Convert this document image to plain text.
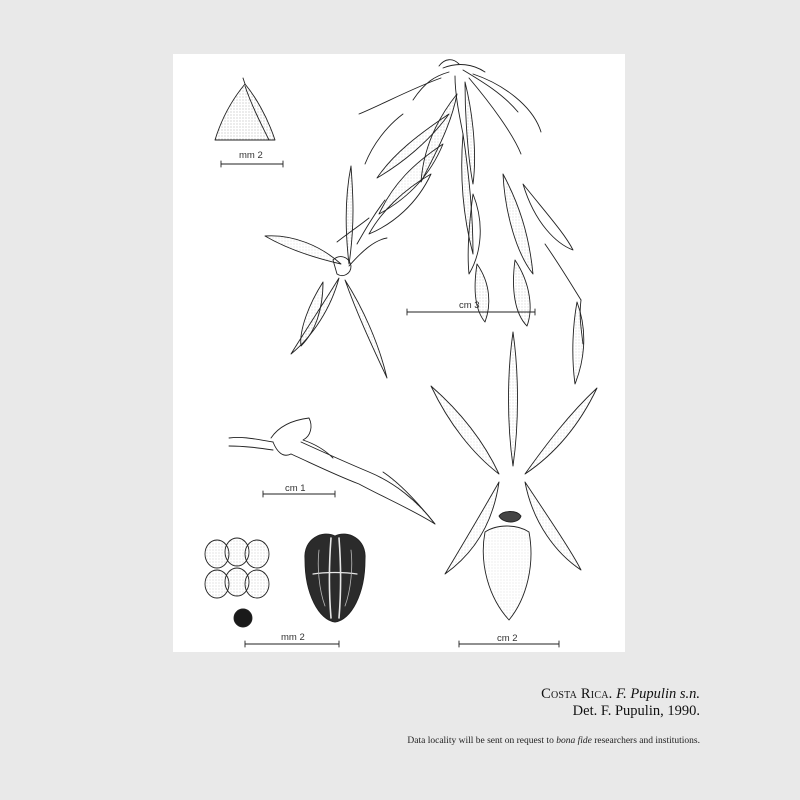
mm 2
cm 3
cm 1
mm 2	cm 2
Costa Rica. F. Pupulin s.n.
Det. F. Pupulin, 1990.
Data locality will be sent on request to bona fide researchers and institutions.
